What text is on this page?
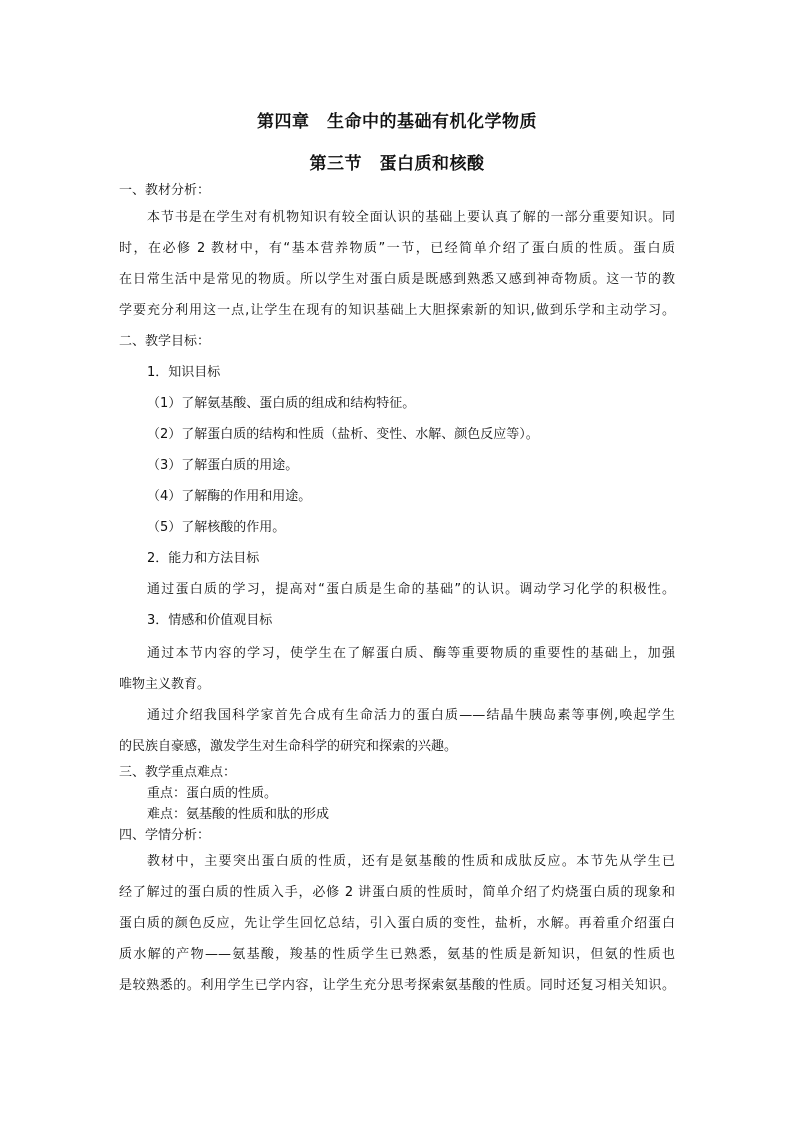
第四章　生命中的基础有机化学物质
第三节　蛋白质和核酸
一、教材分析：
本节书是在学生对有机物知识有较全面认识的基础上要认真了解的一部分重要知识。同
时，在必修 2 教材中，有“基本营养物质”一节，已经简单介绍了蛋白质的性质。蛋白质
在日常生活中是常见的物质。所以学生对蛋白质是既感到熟悉又感到神奇物质。这一节的教
学要充分利用这一点,让学生在现有的知识基础上大胆探索新的知识,做到乐学和主动学习。
二、教学目标：
1．知识目标
（1）了解氨基酸、蛋白质的组成和结构特征。
（2）了解蛋白质的结构和性质（盐析、变性、水解、颜色反应等）。
（3）了解蛋白质的用途。
（4）了解酶的作用和用途。
（5）了解核酸的作用。
2．能力和方法目标
通过蛋白质的学习，提高对“蛋白质是生命的基础”的认识。调动学习化学的积极性。
3．情感和价值观目标
通过本节内容的学习，使学生在了解蛋白质、酶等重要物质的重要性的基础上，加强
唯物主义教育。
通过介绍我国科学家首先合成有生命活力的蛋白质——结晶牛胰岛素等事例,唤起学生
的民族自豪感，激发学生对生命科学的研究和探索的兴趣。
三、教学重点难点：
重点：蛋白质的性质。
难点：氨基酸的性质和肽的形成
四、学情分析：
教材中，主要突出蛋白质的性质，还有是氨基酸的性质和成肽反应。本节先从学生已
经了解过的蛋白质的性质入手，必修 2 讲蛋白质的性质时，简单介绍了灼烧蛋白质的现象和
蛋白质的颜色反应，先让学生回忆总结，引入蛋白质的变性，盐析，水解。再着重介绍蛋白
质水解的产物——氨基酸，羧基的性质学生已熟悉，氨基的性质是新知识，但氨的性质也
是较熟悉的。利用学生已学内容，让学生充分思考探索氨基酸的性质。同时还复习相关知识。
